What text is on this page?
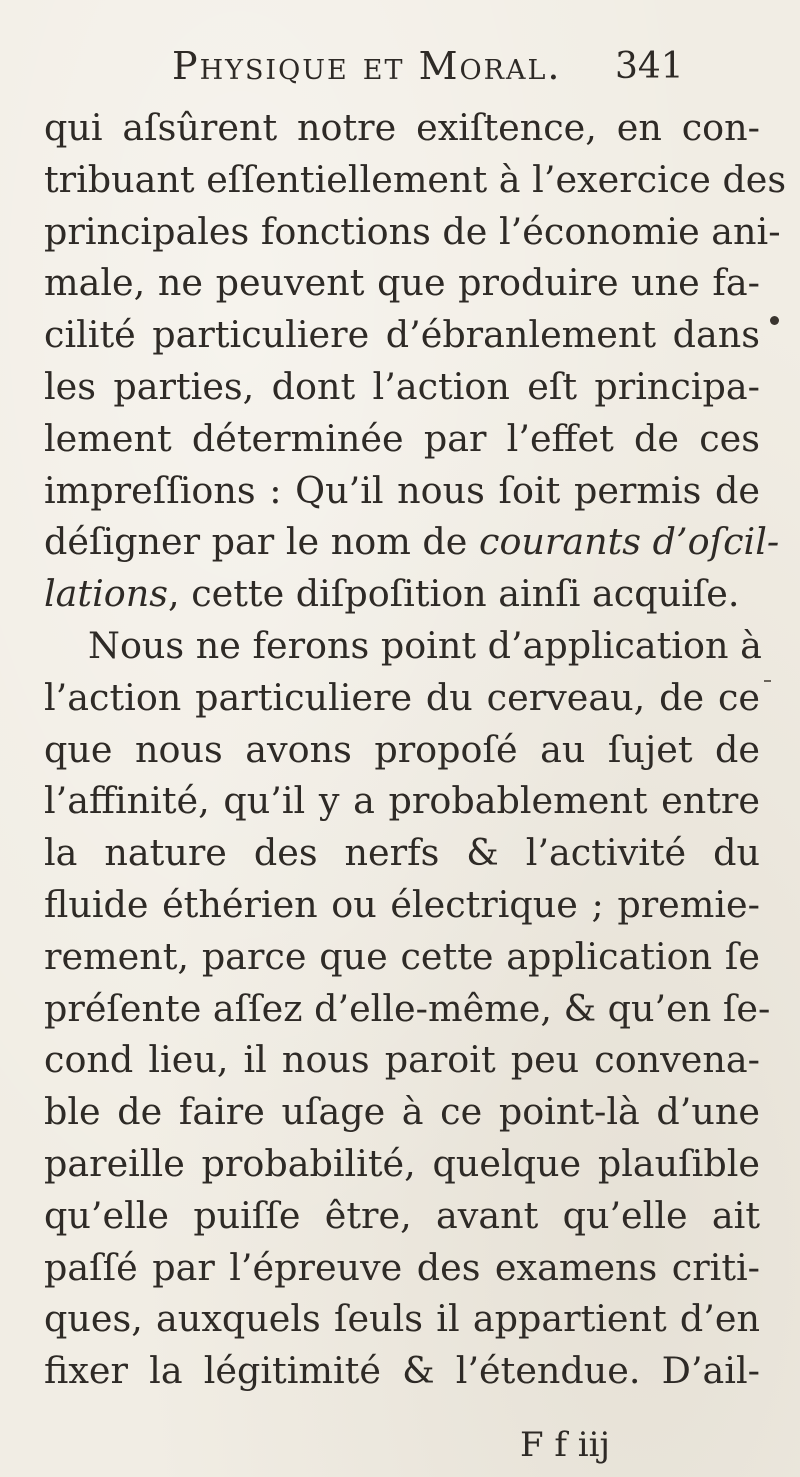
Physique et Moral. 341
qui aſsûrent notre exiſtence, en con-
tribuant eſſentiellement à l’exercice des
principales fonctions de l’économie ani-
male, ne peuvent que produire une fa-
cilité particuliere d’ébranlement dans
les parties, dont l’action eſt principa-
lement déterminée par l’effet de ces
impreſſions : Qu’il nous ſoit permis de
déſigner par le nom de courants d’oſcil-
lations, cette diſpoſition ainſi acquiſe.
Nous ne ferons point d’application à
l’action particuliere du cerveau, de ce
que nous avons propoſé au ſujet de
l’affinité, qu’il y a probablement entre
la nature des nerfs & l’activité du
fluide éthérien ou électrique ; premie-
rement, parce que cette application ſe
préſente aſſez d’elle-même, & qu’en ſe-
cond lieu, il nous paroit peu convena-
ble de faire uſage à ce point-là d’une
pareille probabilité, quelque plauſible
qu’elle puiſſe être, avant qu’elle ait
paſſé par l’épreuve des examens criti-
ques, auxquels ſeuls il appartient d’en
fixer la légitimité & l’étendue. D’ail-
F f iij
